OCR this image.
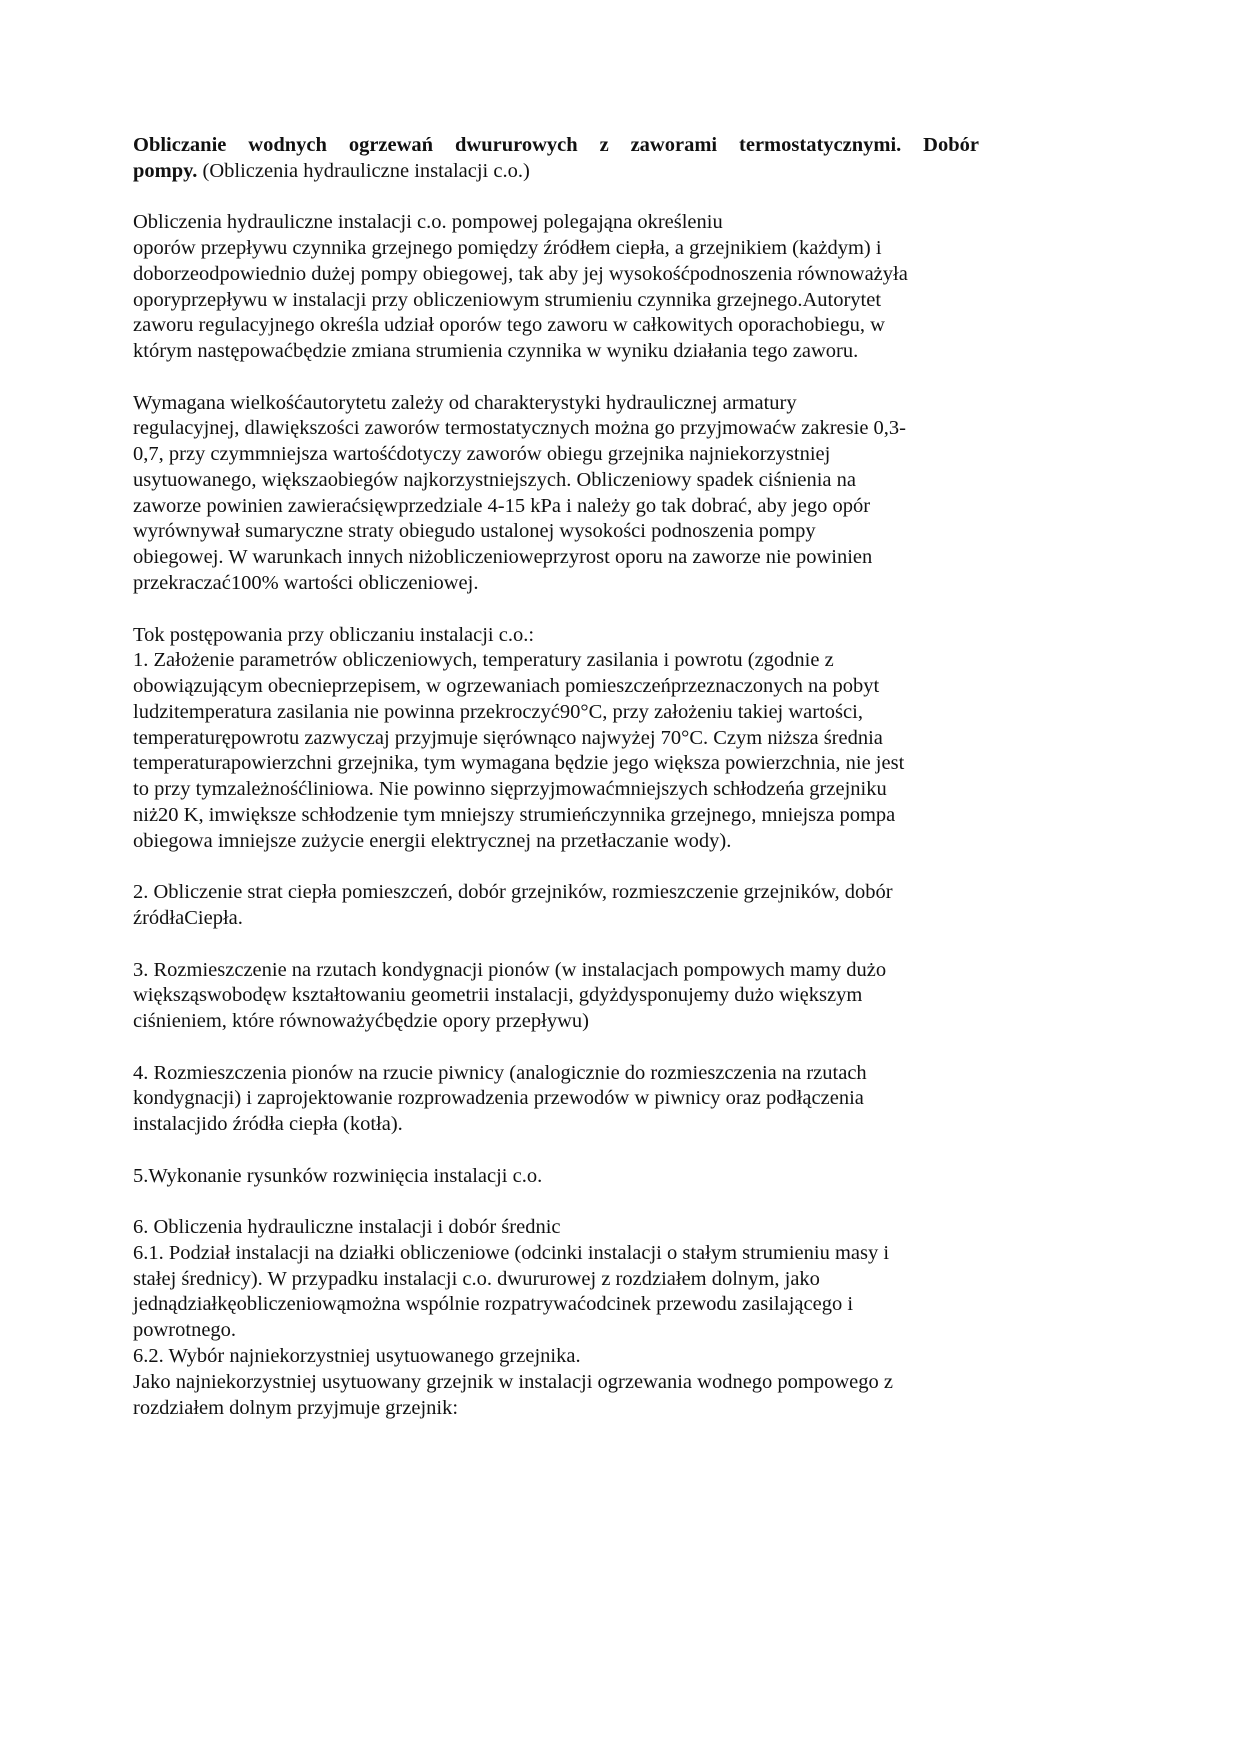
Obliczanie wodnych ogrzewań dwururowych z zaworami termostatycznymi. Dobór
pompy. (Obliczenia hydrauliczne instalacji c.o.)
Obliczenia hydrauliczne instalacji c.o. pompowej polegająna określeniu
oporów przepływu czynnika grzejnego pomiędzy źródłem ciepła, a grzejnikiem (każdym) i
doborzeodpowiednio dużej pompy obiegowej, tak aby jej wysokośćpodnoszenia równoważyła
oporyprzepływu w instalacji przy obliczeniowym strumieniu czynnika grzejnego.Autorytet
zaworu regulacyjnego określa udział oporów tego zaworu w całkowitych oporachobiegu, w
którym następowaćbędzie zmiana strumienia czynnika w wyniku działania tego zaworu.
Wymagana wielkośćautorytetu zależy od charakterystyki hydraulicznej armatury
regulacyjnej, dlawiększości zaworów termostatycznych można go przyjmowaćw zakresie 0,3-
0,7, przy czymmniejsza wartośćdotyczy zaworów obiegu grzejnika najniekorzystniej
usytuowanego, większaobiegów najkorzystniejszych. Obliczeniowy spadek ciśnienia na
zaworze powinien zawieraćsięwprzedziale 4-15 kPa i należy go tak dobrać, aby jego opór
wyrównywał sumaryczne straty obiegudo ustalonej wysokości podnoszenia pompy
obiegowej. W warunkach innych niżobliczenioweprzyrost oporu na zaworze nie powinien
przekraczać100% wartości obliczeniowej.
Tok postępowania przy obliczaniu instalacji c.o.:
1. Założenie parametrów obliczeniowych, temperatury zasilania i powrotu (zgodnie z
obowiązującym obecnieprzepisem, w ogrzewaniach pomieszczeńprzeznaczonych na pobyt
ludzitemperatura zasilania nie powinna przekroczyć90°C, przy założeniu takiej wartości,
temperaturępowrotu zazwyczaj przyjmuje sięrównąco najwyżej 70°C. Czym niższa średnia
temperaturapowierzchni grzejnika, tym wymagana będzie jego większa powierzchnia, nie jest
to przy tymzależnośćliniowa. Nie powinno sięprzyjmowaćmniejszych schłodzeńa grzejniku
niż20 K, imwiększe schłodzenie tym mniejszy strumieńczynnika grzejnego, mniejsza pompa
obiegowa imniejsze zużycie energii elektrycznej na przetłaczanie wody).
2. Obliczenie strat ciepła pomieszczeń, dobór grzejników, rozmieszczenie grzejników, dobór
źródłaCiepła.
3. Rozmieszczenie na rzutach kondygnacji pionów (w instalacjach pompowych mamy dużo
większąswobodęw kształtowaniu geometrii instalacji, gdyżdysponujemy dużo większym
ciśnieniem, które równoważyćbędzie opory przepływu)
4. Rozmieszczenia pionów na rzucie piwnicy (analogicznie do rozmieszczenia na rzutach
kondygnacji) i zaprojektowanie rozprowadzenia przewodów w piwnicy oraz podłączenia
instalacjido źródła ciepła (kotła).
5.Wykonanie rysunków rozwinięcia instalacji c.o.
6. Obliczenia hydrauliczne instalacji i dobór średnic
6.1. Podział instalacji na działki obliczeniowe (odcinki instalacji o stałym strumieniu masy i
stałej średnicy). W przypadku instalacji c.o. dwururowej z rozdziałem dolnym, jako
jednądziałkęobliczeniowąmożna wspólnie rozpatrywaćodcinek przewodu zasilającego i
powrotnego.
6.2. Wybór najniekorzystniej usytuowanego grzejnika.
Jako najniekorzystniej usytuowany grzejnik w instalacji ogrzewania wodnego pompowego z
rozdziałem dolnym przyjmuje grzejnik:
